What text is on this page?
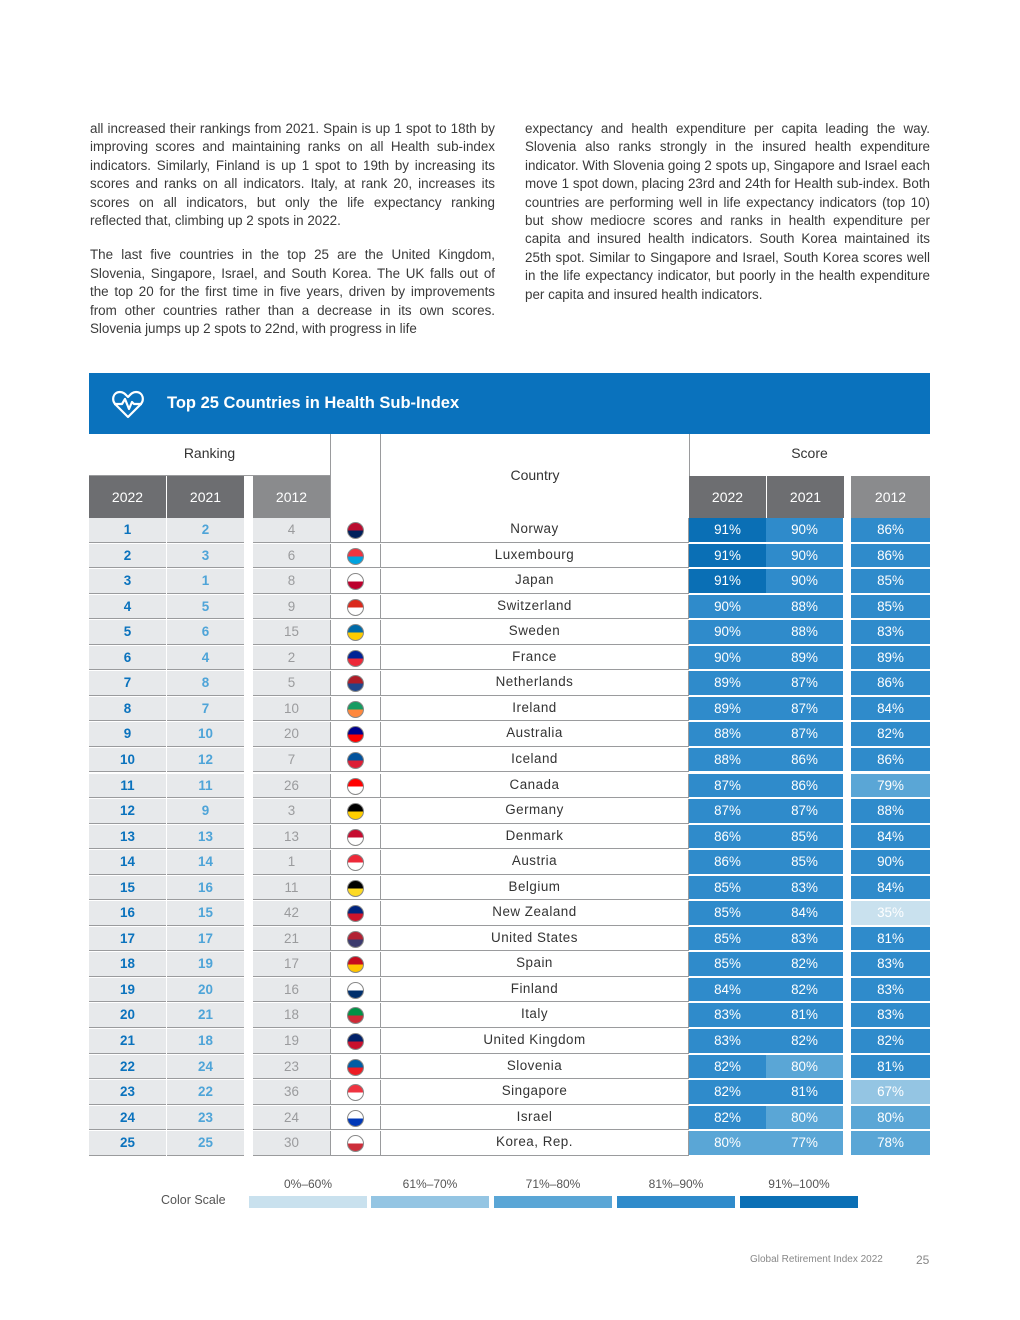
all increased their rankings from 2021. Spain is up 1 spot to 18th by improving scores and maintaining ranks on all Health sub-index indicators. Similarly, Finland is up 1 spot to 19th by increasing its scores and ranks on all indicators. Italy, at rank 20, increases its scores on all indicators, but only the life expectancy ranking reflected that, climbing up 2 spots in 2022.

The last five countries in the top 25 are the United Kingdom, Slovenia, Singapore, Israel, and South Korea. The UK falls out of the top 20 for the first time in five years, driven by improvements from other countries rather than a decrease in its own scores. Slovenia jumps up 2 spots to 22nd, with progress in life

expectancy and health expenditure per capita leading the way. Slovenia also ranks strongly in the insured health expenditure indicator. With Slovenia going 2 spots up, Singapore and Israel each move 1 spot down, placing 23rd and 24th for Health sub-index. Both countries are performing well in life expectancy indicators (top 10) but show mediocre scores and ranks in health expenditure per capita and insured health indicators. South Korea maintained its 25th spot. Similar to Singapore and Israel, South Korea scores well in the life expectancy indicator, but poorly in the health expenditure per capita and insured health indicators.

Top 25 Countries in Health Sub-Index
Ranking
Country
Score
2022	2021	2012	2022	2021	2012
1	2	4	Norway	91%	90%	86%
2	3	6	Luxembourg	91%	90%	86%
3	1	8	Japan	91%	90%	85%
4	5	9	Switzerland	90%	88%	85%
5	6	15	Sweden	90%	88%	83%
6	4	2	France	90%	89%	89%
7	8	5	Netherlands	89%	87%	86%
8	7	10	Ireland	89%	87%	84%
9	10	20	Australia	88%	87%	82%
10	12	7	Iceland	88%	86%	86%
11	11	26	Canada	87%	86%	79%
12	9	3	Germany	87%	87%	88%
13	13	13	Denmark	86%	85%	84%
14	14	1	Austria	86%	85%	90%
15	16	11	Belgium	85%	83%	84%
16	15	42	New Zealand	85%	84%	35%
17	17	21	United States	85%	83%	81%
18	19	17	Spain	85%	82%	83%
19	20	16	Finland	84%	82%	83%
20	21	18	Italy	83%	81%	83%
21	18	19	United Kingdom	83%	82%	82%
22	24	23	Slovenia	82%	80%	81%
23	22	36	Singapore	82%	81%	67%
24	23	24	Israel	82%	80%	80%
25	25	30	Korea, Rep.	80%	77%	78%
Color Scale
0%–60%	61%–70%	71%–80%	81%–90%	91%–100%
Global Retirement Index 2022	25
